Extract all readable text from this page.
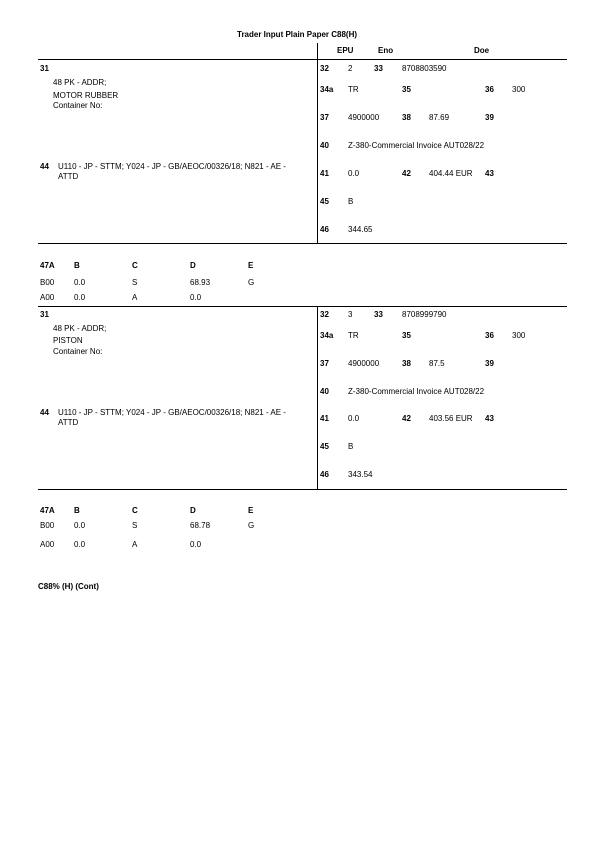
Trader Input Plain Paper C88(H)
EPU	Eno	Doe
31
48 PK - ADDR;
MOTOR RUBBER
Container No:
32 2	33 8708803590
34a TR	35	36 300
37 4900000	38 87.69	39
40 Z-380-Commercial Invoice AUT028/22
44 U110 - JP - STTM; Y024 - JP - GB/AEOC/00326/18; N821 - AE -
ATTD	41 0.0	42 404.44 EUR 43
45 B
46 344.65
47A B	C	D	E
B00 0.0	S	68.93	G
A00 0.0	A	0.0
31
48 PK - ADDR;
PISTON
Container No:
32 3	33 8708999790
34a TR	35	36 300
37 4900000	38 87.5	39
40 Z-380-Commercial Invoice AUT028/22
44 U110 - JP - STTM; Y024 - JP - GB/AEOC/00326/18; N821 - AE -
ATTD	41 0.0	42 403.56 EUR 43
45 B
46 343.54
47A B	C	D	E
B00 0.0	S	68.78	G
A00 0.0	A	0.0
C88% (H) (Cont)
